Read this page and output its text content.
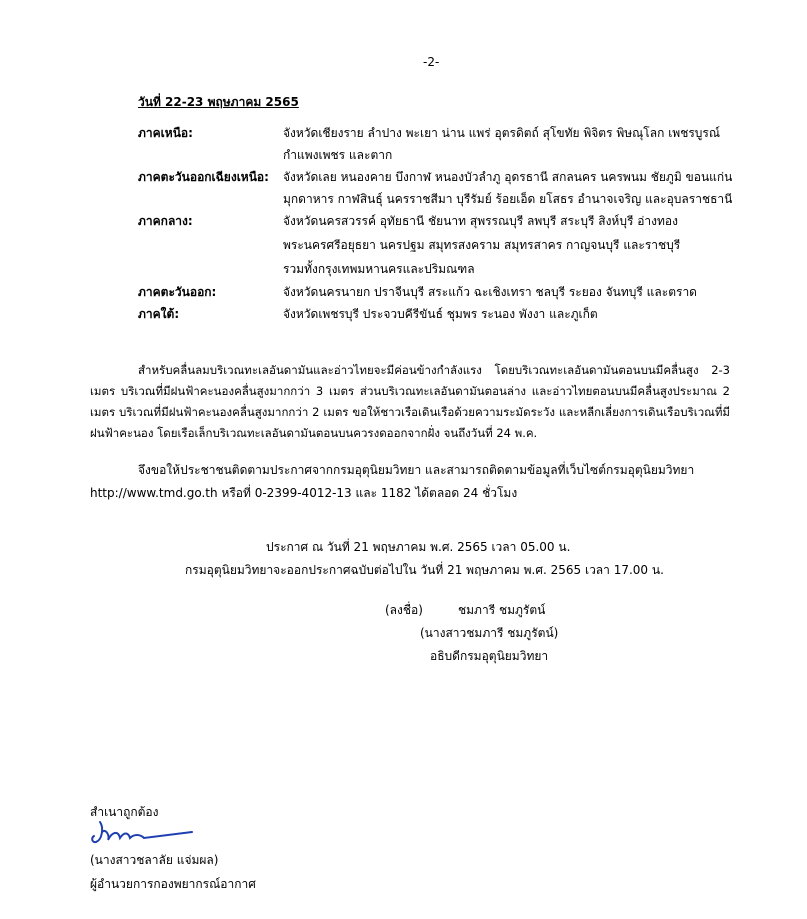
-2-
วันที่ 22-23 พฤษภาคม 2565
ภาคเหนือ:	จังหวัดเชียงราย ลำปาง พะเยา น่าน แพร่ อุตรดิตถ์ สุโขทัย พิจิตร พิษณุโลก เพชรบูรณ์
กำแพงเพชร และตาก
ภาคตะวันออกเฉียงเหนือ: จังหวัดเลย หนองคาย บึงกาฬ หนองบัวลำภู อุดรธานี สกลนคร นครพนม ชัยภูมิ ขอนแก่น
มุกดาหาร กาฬสินธุ์ นครราชสีมา บุรีรัมย์ ร้อยเอ็ด ยโสธร อำนาจเจริญ และอุบลราชธานี
ภาคกลาง:	จังหวัดนครสวรรค์ อุทัยธานี ชัยนาท สุพรรณบุรี ลพบุรี สระบุรี สิงห์บุรี อ่างทอง
พระนครศรีอยุธยา นครปฐม สมุทรสงคราม สมุทรสาคร กาญจนบุรี และราชบุรี
รวมทั้งกรุงเทพมหานครและปริมณฑล
ภาคตะวันออก:	จังหวัดนครนายก ปราจีนบุรี สระแก้ว ฉะเชิงเทรา ชลบุรี ระยอง จันทบุรี และตราด
ภาคใต้:	จังหวัดเพชรบุรี ประจวบคีรีขันธ์ ชุมพร ระนอง พังงา และภูเก็ต
สำหรับคลื่นลมบริเวณทะเลอันดามันและอ่าวไทยจะมีค่อนข้างกำลังแรง โดยบริเวณทะเลอันดามันตอนบนมีคลื่นสูง 2-3 เมตร บริเวณที่มีฝนฟ้าคะนองคลื่นสูงมากกว่า 3 เมตร ส่วนบริเวณทะเลอันดามันตอนล่าง และอ่าวไทยตอนบนมีคลื่นสูงประมาณ 2 เมตร บริเวณที่มีฝนฟ้าคะนองคลื่นสูงมากกว่า 2 เมตร ขอให้ชาวเรือเดินเรือด้วยความระมัดระวัง และหลีกเลี่ยงการเดินเรือบริเวณที่มีฝนฟ้าคะนอง โดยเรือเล็กบริเวณทะเลอันดามันตอนบนควรงดออกจากฝั่ง จนถึงวันที่ 24 พ.ค.
จึงขอให้ประชาชนติดตามประกาศจากกรมอุตุนิยมวิทยา และสามารถติดตามข้อมูลที่เว็บไซต์กรมอุตุนิยมวิทยา
http://www.tmd.go.th หรือที่ 0-2399-4012-13 และ 1182 ได้ตลอด 24 ชั่วโมง
ประกาศ ณ วันที่ 21 พฤษภาคม พ.ศ. 2565 เวลา 05.00 น.
กรมอุตุนิยมวิทยาจะออกประกาศฉบับต่อไปใน วันที่ 21 พฤษภาคม พ.ศ. 2565 เวลา 17.00 น.
(ลงชื่อ)	ชมภารี ชมภูรัตน์
(นางสาวชมภารี ชมภูรัตน์)
อธิบดีกรมอุตุนิยมวิทยา
สำเนาถูกต้อง
(นางสาวชลาลัย แจ่มผล)
ผู้อำนวยการกองพยากรณ์อากาศ
